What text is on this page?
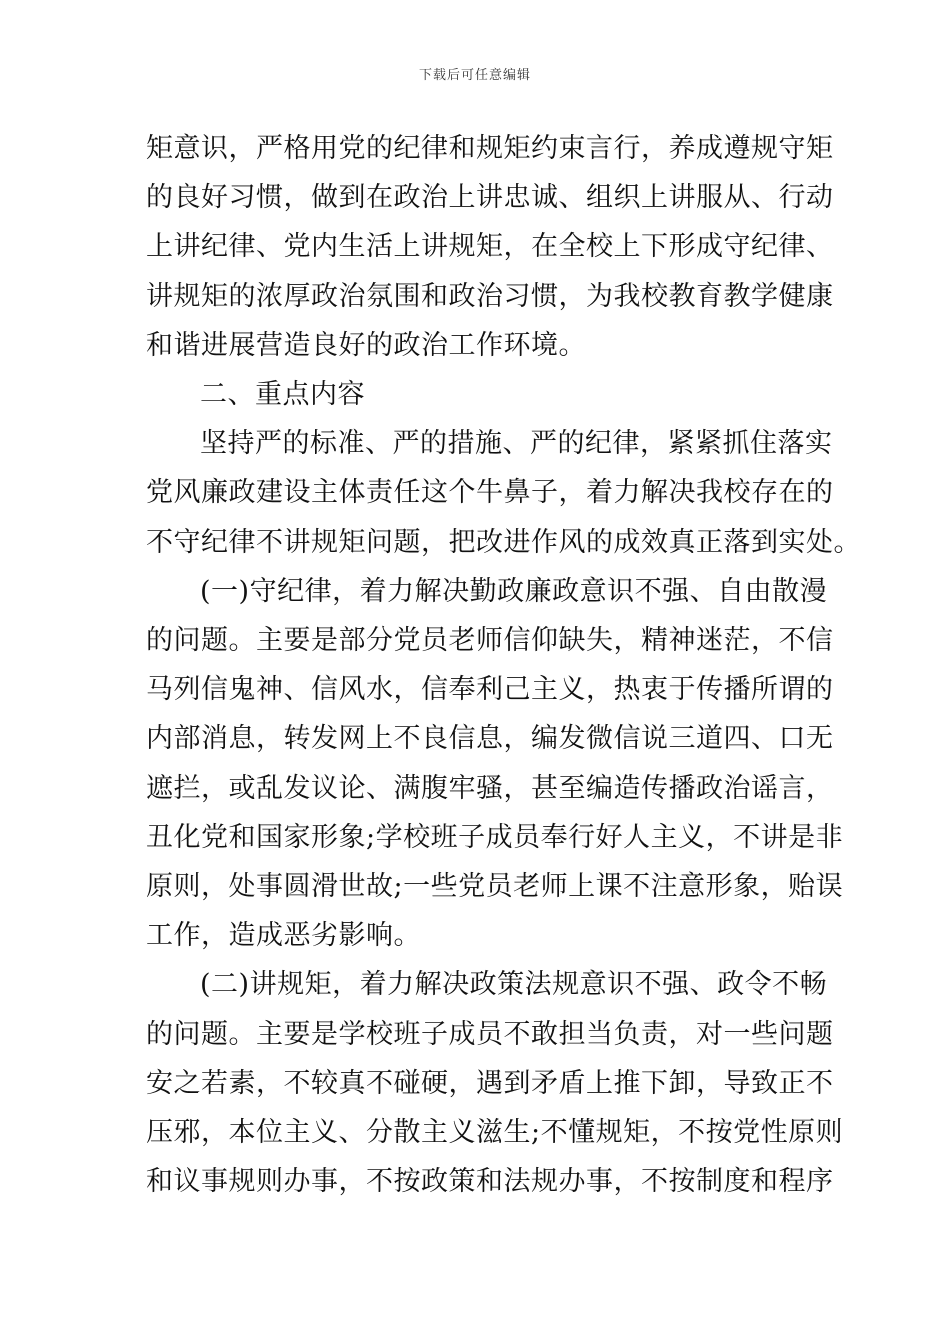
下载后可任意编辑

矩意识，严格用党的纪律和规矩约束言行，养成遵规守矩
的良好习惯，做到在政治上讲忠诚、组织上讲服从、行动
上讲纪律、党内生活上讲规矩，在全校上下形成守纪律、
讲规矩的浓厚政治氛围和政治习惯，为我校教育教学健康
和谐进展营造良好的政治工作环境。

二、重点内容

坚持严的标准、严的措施、严的纪律，紧紧抓住落实
党风廉政建设主体责任这个牛鼻子，着力解决我校存在的
不守纪律不讲规矩问题，把改进作风的成效真正落到实处。

(一)守纪律，着力解决勤政廉政意识不强、自由散漫
的问题。主要是部分党员老师信仰缺失，精神迷茫，不信
马列信鬼神、信风水，信奉利己主义，热衷于传播所谓的
内部消息，转发网上不良信息，编发微信说三道四、口无
遮拦，或乱发议论、满腹牢骚，甚至编造传播政治谣言，
丑化党和国家形象;学校班子成员奉行好人主义，不讲是非
原则，处事圆滑世故;一些党员老师上课不注意形象，贻误
工作，造成恶劣影响。

(二)讲规矩，着力解决政策法规意识不强、政令不畅
的问题。主要是学校班子成员不敢担当负责，对一些问题
安之若素，不较真不碰硬，遇到矛盾上推下卸，导致正不
压邪，本位主义、分散主义滋生;不懂规矩，不按党性原则
和议事规则办事，不按政策和法规办事，不按制度和程序
